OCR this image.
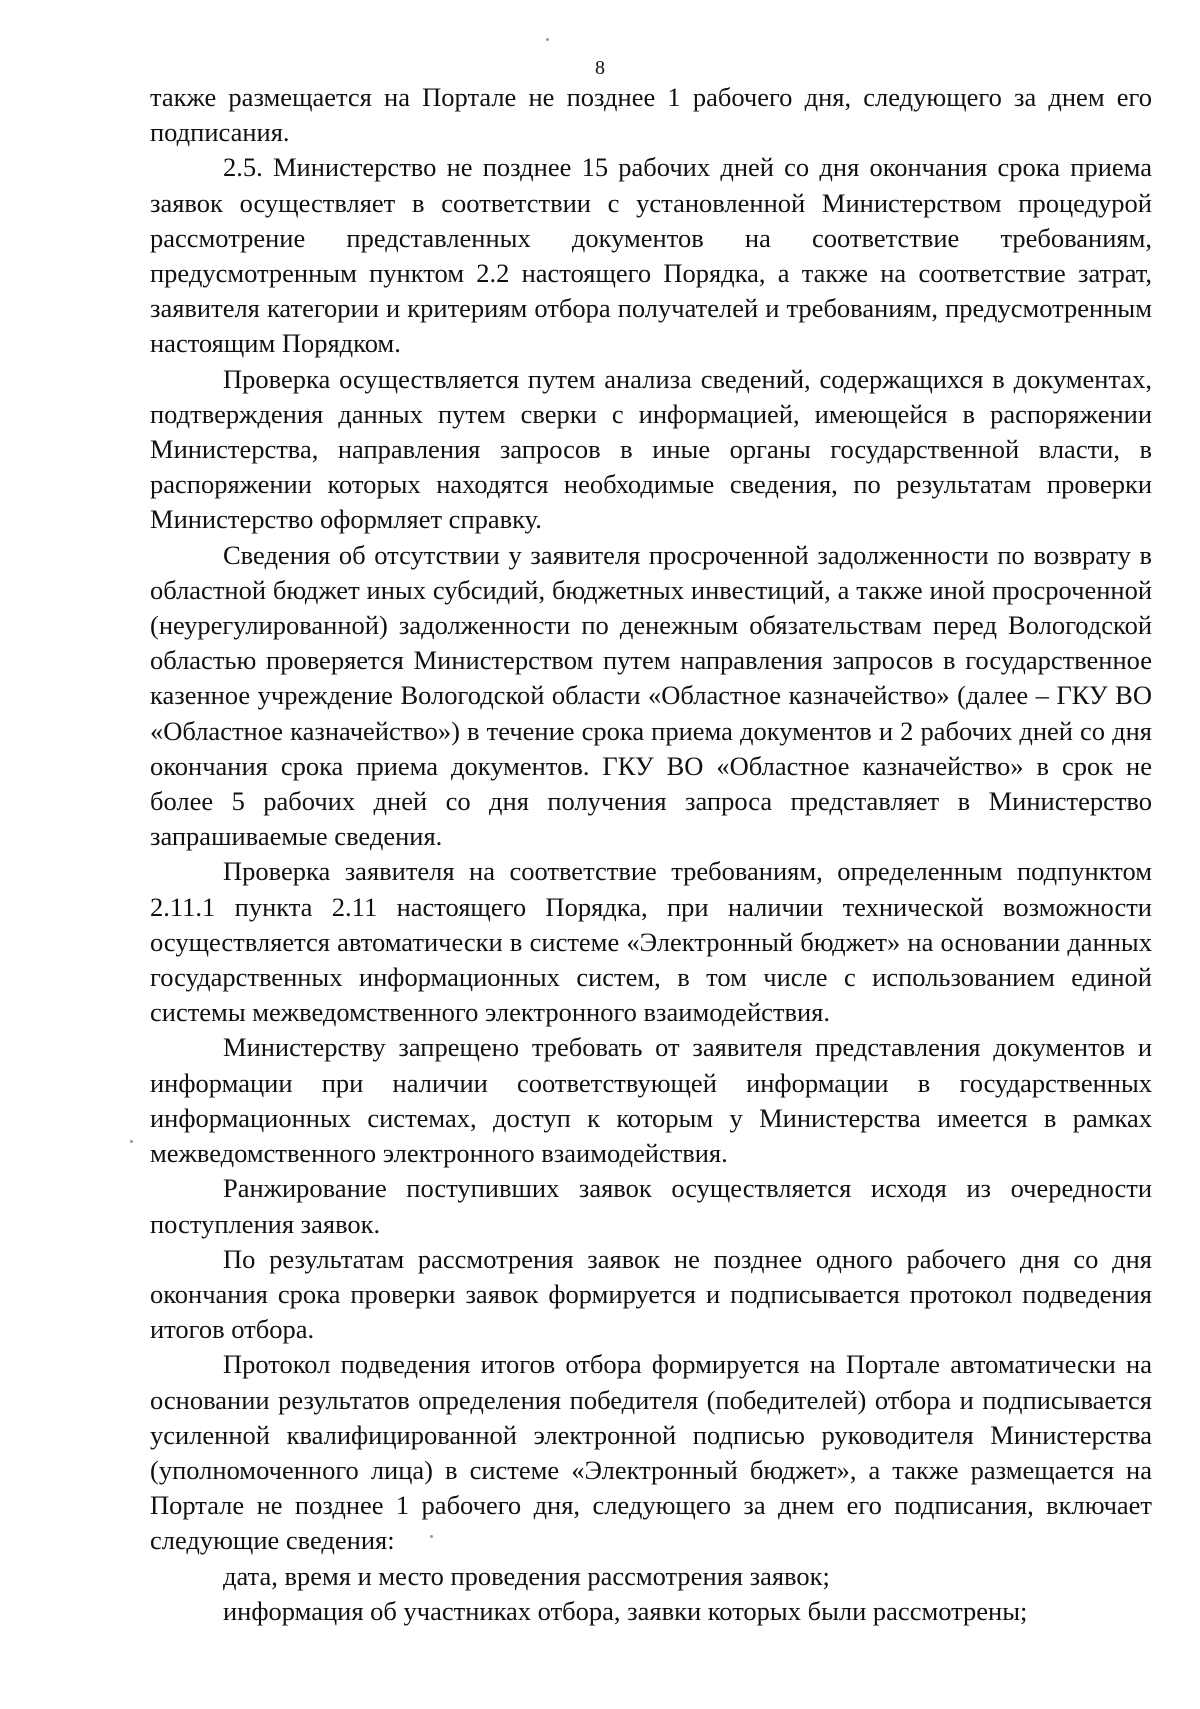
8

также размещается на Портале не позднее 1 рабочего дня, следующего за днем его подписания.

2.5. Министерство не позднее 15 рабочих дней со дня окончания срока приема заявок осуществляет в соответствии с установленной Министерством процедурой рассмотрение представленных документов на соответствие требованиям, предусмотренным пунктом 2.2 настоящего Порядка, а также на соответствие затрат, заявителя категории и критериям отбора получателей и требованиям, предусмотренным настоящим Порядком.

Проверка осуществляется путем анализа сведений, содержащихся в документах, подтверждения данных путем сверки с информацией, имеющейся в распоряжении Министерства, направления запросов в иные органы государственной власти, в распоряжении которых находятся необходимые сведения, по результатам проверки Министерство оформляет справку.

Сведения об отсутствии у заявителя просроченной задолженности по возврату в областной бюджет иных субсидий, бюджетных инвестиций, а также иной просроченной (неурегулированной) задолженности по денежным обязательствам перед Вологодской областью проверяется Министерством путем направления запросов в государственное казенное учреждение Вологодской области «Областное казначейство» (далее – ГКУ ВО «Областное казначейство») в течение срока приема документов и 2 рабочих дней со дня окончания срока приема документов. ГКУ ВО «Областное казначейство» в срок не более 5 рабочих дней со дня получения запроса представляет в Министерство запрашиваемые сведения.

Проверка заявителя на соответствие требованиям, определенным подпунктом 2.11.1 пункта 2.11 настоящего Порядка, при наличии технической возможности осуществляется автоматически в системе «Электронный бюджет» на основании данных государственных информационных систем, в том числе с использованием единой системы межведомственного электронного взаимодействия.

Министерству запрещено требовать от заявителя представления документов и информации при наличии соответствующей информации в государственных информационных системах, доступ к которым у Министерства имеется в рамках межведомственного электронного взаимодействия.

Ранжирование поступивших заявок осуществляется исходя из очередности поступления заявок.

По результатам рассмотрения заявок не позднее одного рабочего дня со дня окончания срока проверки заявок формируется и подписывается протокол подведения итогов отбора.

Протокол подведения итогов отбора формируется на Портале автоматически на основании результатов определения победителя (победителей) отбора и подписывается усиленной квалифицированной электронной подписью руководителя Министерства (уполномоченного лица) в системе «Электронный бюджет», а также размещается на Портале не позднее 1 рабочего дня, следующего за днем его подписания, включает следующие сведения:

дата, время и место проведения рассмотрения заявок;

информация об участниках отбора, заявки которых были рассмотрены;
